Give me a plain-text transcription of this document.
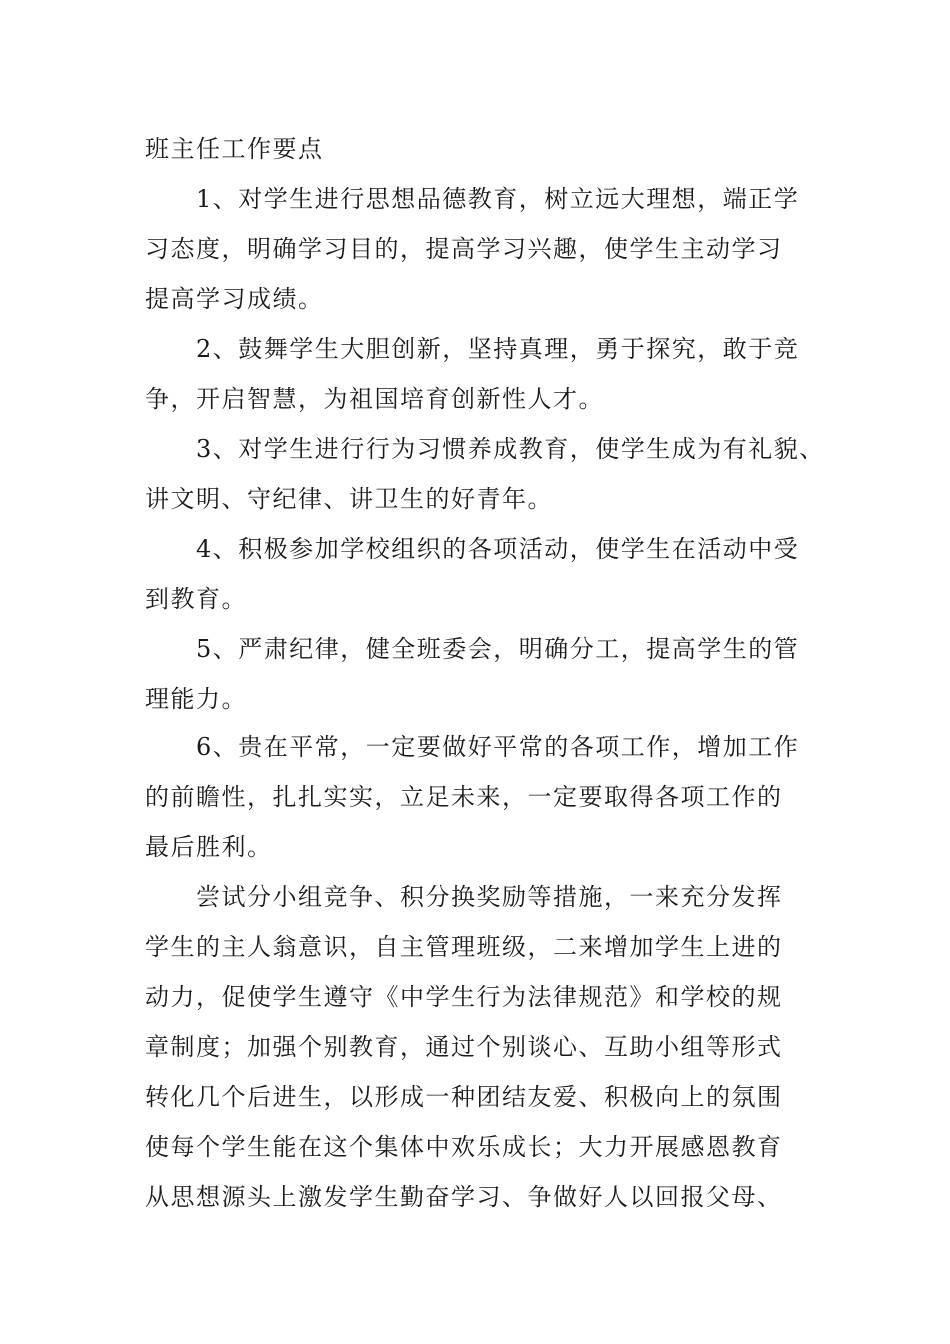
班主任工作要点
1、对学生进行思想品德教育，树立远大理想，端正学
习态度，明确学习目的，提高学习兴趣，使学生主动学习
提高学习成绩。
2、鼓舞学生大胆创新，坚持真理，勇于探究，敢于竞
争，开启智慧，为祖国培育创新性人才。
3、对学生进行行为习惯养成教育，使学生成为有礼貌、
讲文明、守纪律、讲卫生的好青年。
4、积极参加学校组织的各项活动，使学生在活动中受
到教育。
5、严肃纪律，健全班委会，明确分工，提高学生的管
理能力。
6、贵在平常，一定要做好平常的各项工作，增加工作
的前瞻性，扎扎实实，立足未来，一定要取得各项工作的
最后胜利。
尝试分小组竞争、积分换奖励等措施，一来充分发挥
学生的主人翁意识，自主管理班级，二来增加学生上进的
动力，促使学生遵守《中学生行为法律规范》和学校的规
章制度；加强个别教育，通过个别谈心、互助小组等形式
转化几个后进生，以形成一种团结友爱、积极向上的氛围
使每个学生能在这个集体中欢乐成长；大力开展感恩教育
从思想源头上激发学生勤奋学习、争做好人以回报父母、
